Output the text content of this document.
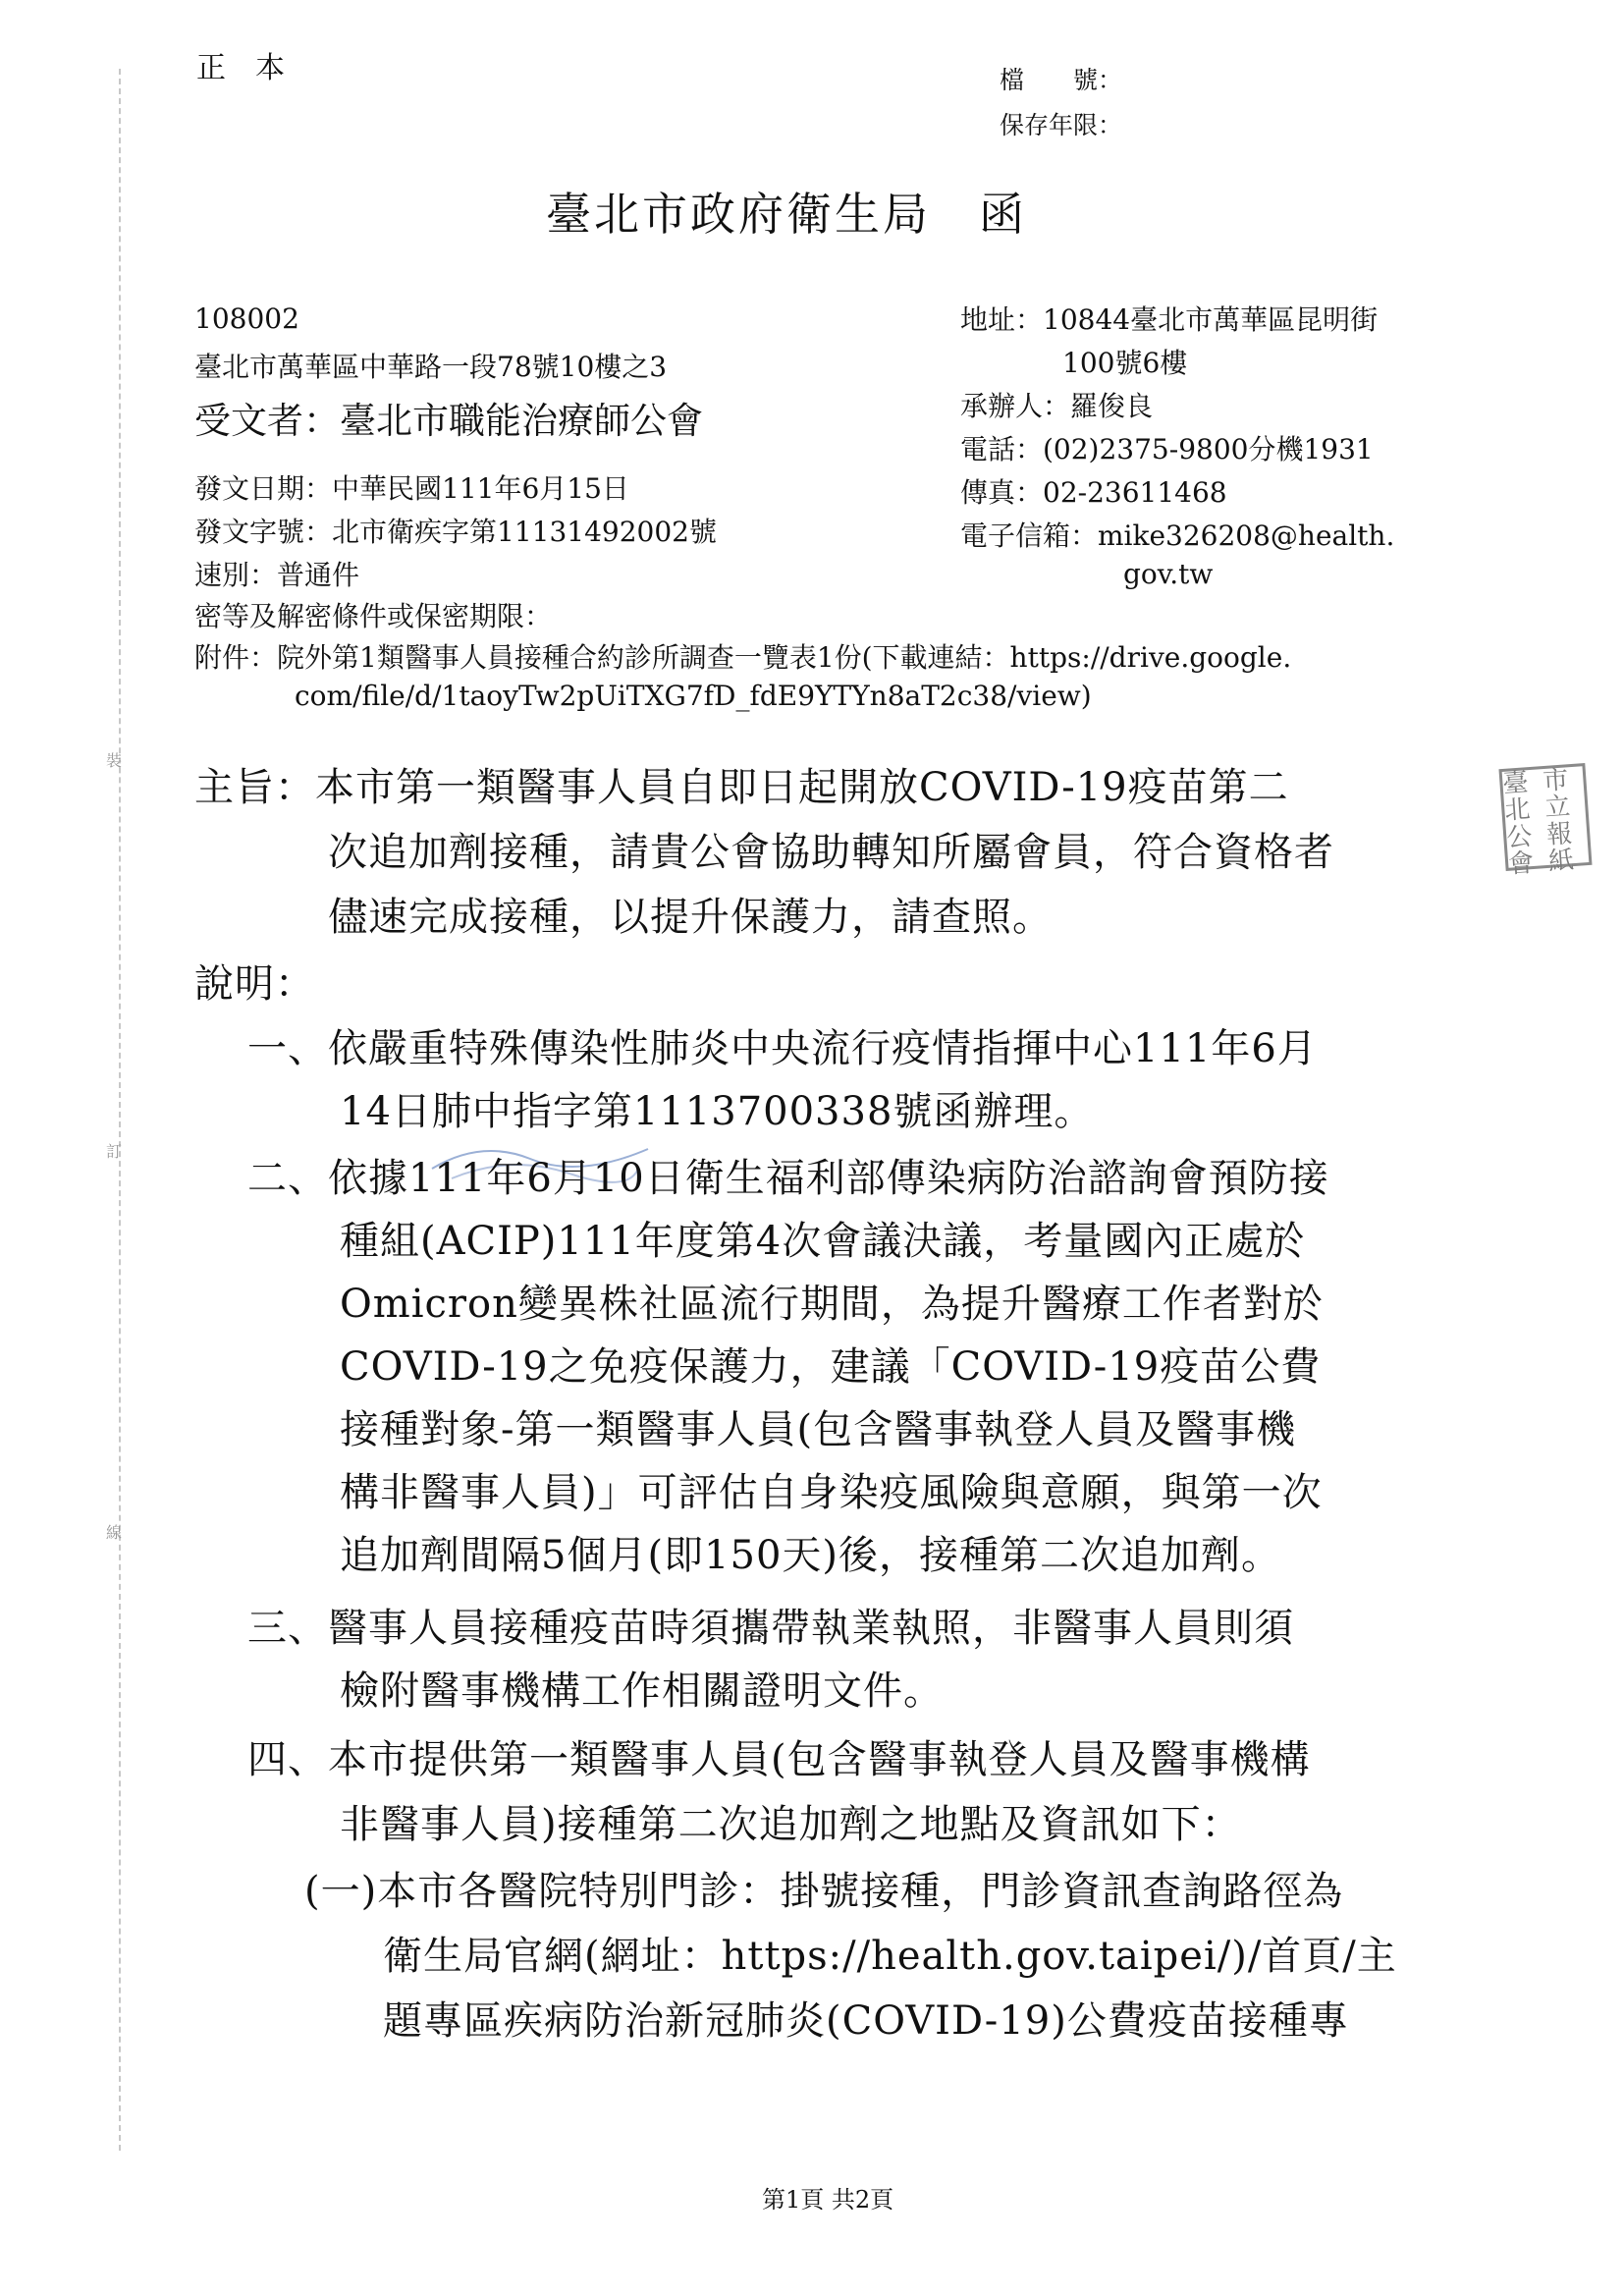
裝
訂
線
正　本	檔　　號：
保存年限：
臺北市政府衛生局　函
108002
臺北市萬華區中華路一段78號10樓之3
受文者：臺北市職能治療師公會
地址：10844臺北市萬華區昆明街
100號6樓
承辦人：羅俊良
電話：(02)2375-9800分機1931
傳真：02-23611468
電子信箱：mike326208@health.
gov.tw
發文日期：中華民國111年6月15日
發文字號：北市衛疾字第11131492002號
速別：普通件
密等及解密條件或保密期限：
附件：院外第1類醫事人員接種合約診所調查一覽表1份(下載連結：https://drive.google.
com/file/d/1taoyTw2pUiTXG7fD_fdE9YTYn8aT2c38/view)
主旨：本市第一類醫事人員自即日起開放COVID-19疫苗第二
次追加劑接種，請貴公會協助轉知所屬會員，符合資格者
儘速完成接種，以提升保護力，請查照。
臺北
市立
公會
報紙
說明：
一、依嚴重特殊傳染性肺炎中央流行疫情指揮中心111年6月
14日肺中指字第1113700338號函辦理。
二、依據111年6月10日衛生福利部傳染病防治諮詢會預防接
種組(ACIP)111年度第4次會議決議，考量國內正處於
Omicron變異株社區流行期間，為提升醫療工作者對於
COVID-19之免疫保護力，建議「COVID-19疫苗公費
接種對象-第一類醫事人員(包含醫事執登人員及醫事機
構非醫事人員)」可評估自身染疫風險與意願，與第一次
追加劑間隔5個月(即150天)後，接種第二次追加劑。
三、醫事人員接種疫苗時須攜帶執業執照，非醫事人員則須
檢附醫事機構工作相關證明文件。
四、本市提供第一類醫事人員(包含醫事執登人員及醫事機構
非醫事人員)接種第二次追加劑之地點及資訊如下：
(一)本市各醫院特別門診：掛號接種，門診資訊查詢路徑為
衛生局官網(網址：https://health.gov.taipei/)/首頁/主
題專區疾病防治新冠肺炎(COVID-19)公費疫苗接種專
第1頁 共2頁
